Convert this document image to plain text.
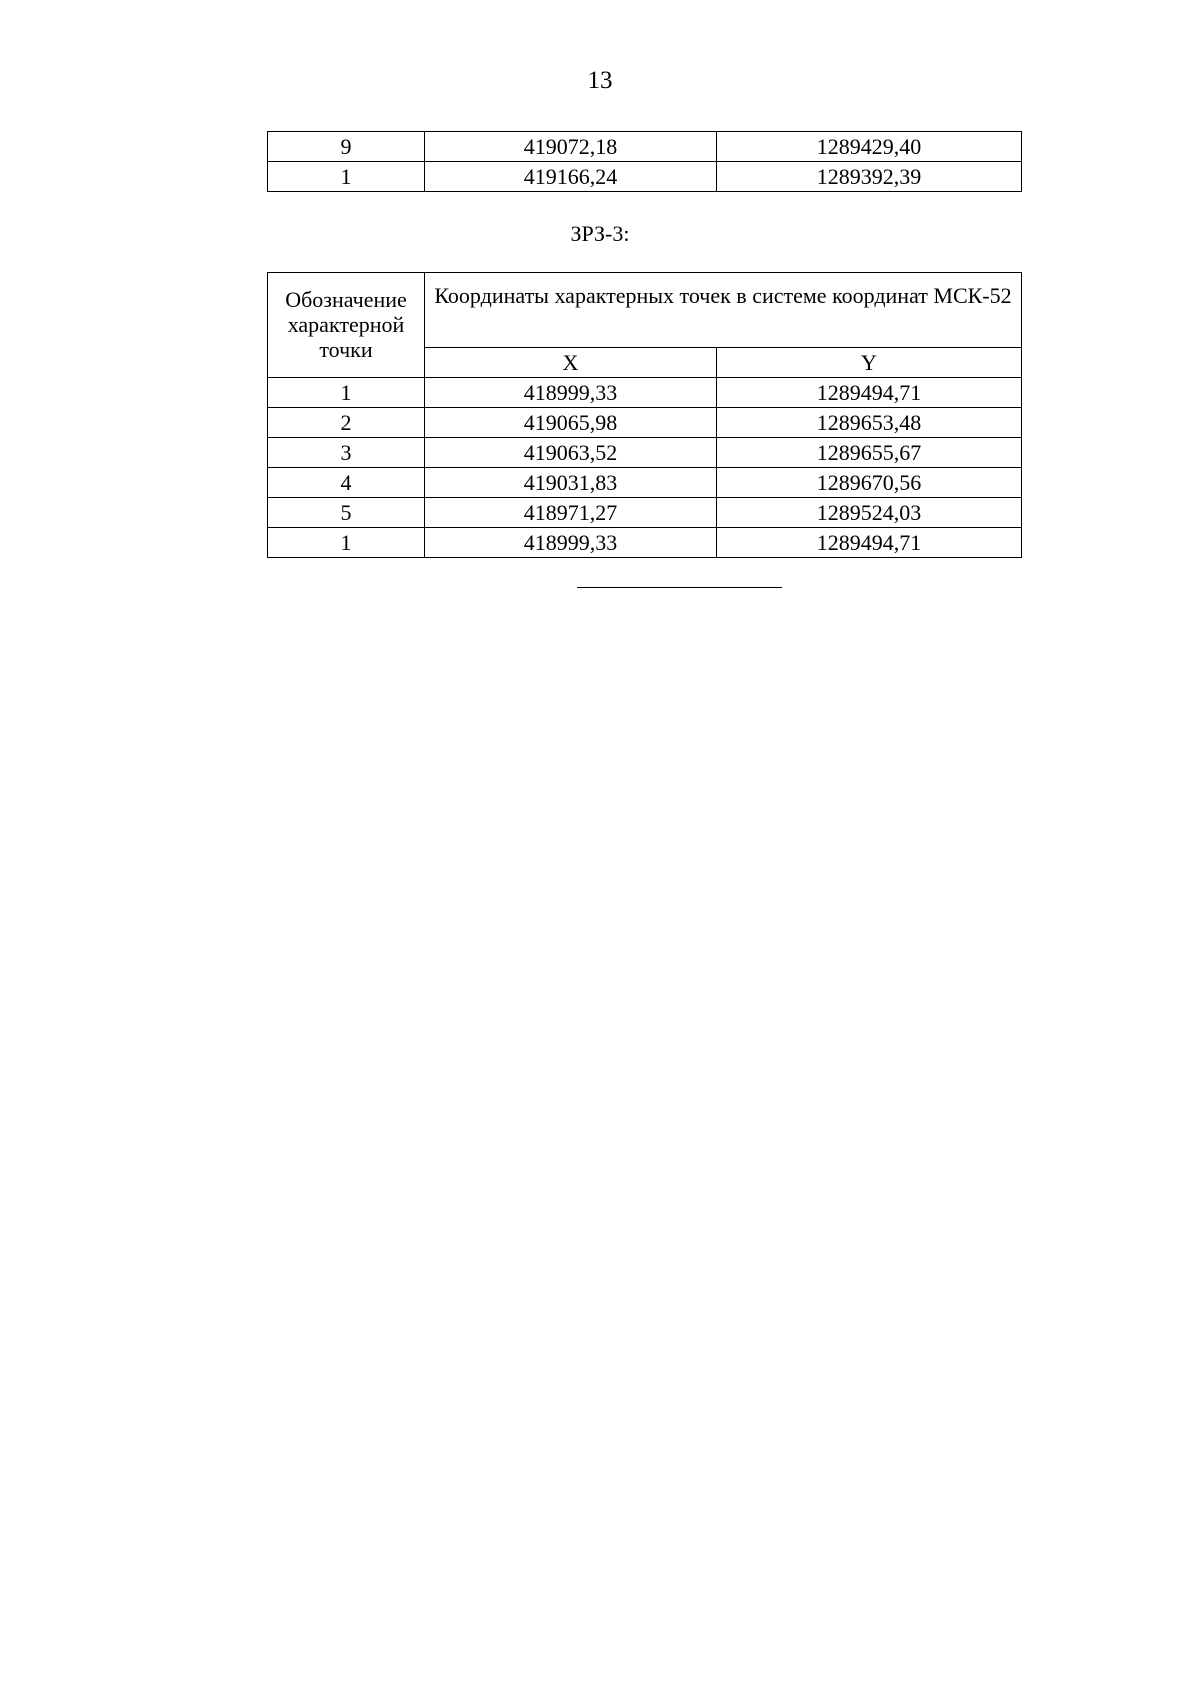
13
9	419072,18	1289429,40
1	419166,24	1289392,39
ЗРЗ-3:
Обозначение характерной точки	Координаты характерных точек в системе координат МСК-52	
	X	Y
1	418999,33	1289494,71
2	419065,98	1289653,48
3	419063,52	1289655,67
4	419031,83	1289670,56
5	418971,27	1289524,03
1	418999,33	1289494,71
